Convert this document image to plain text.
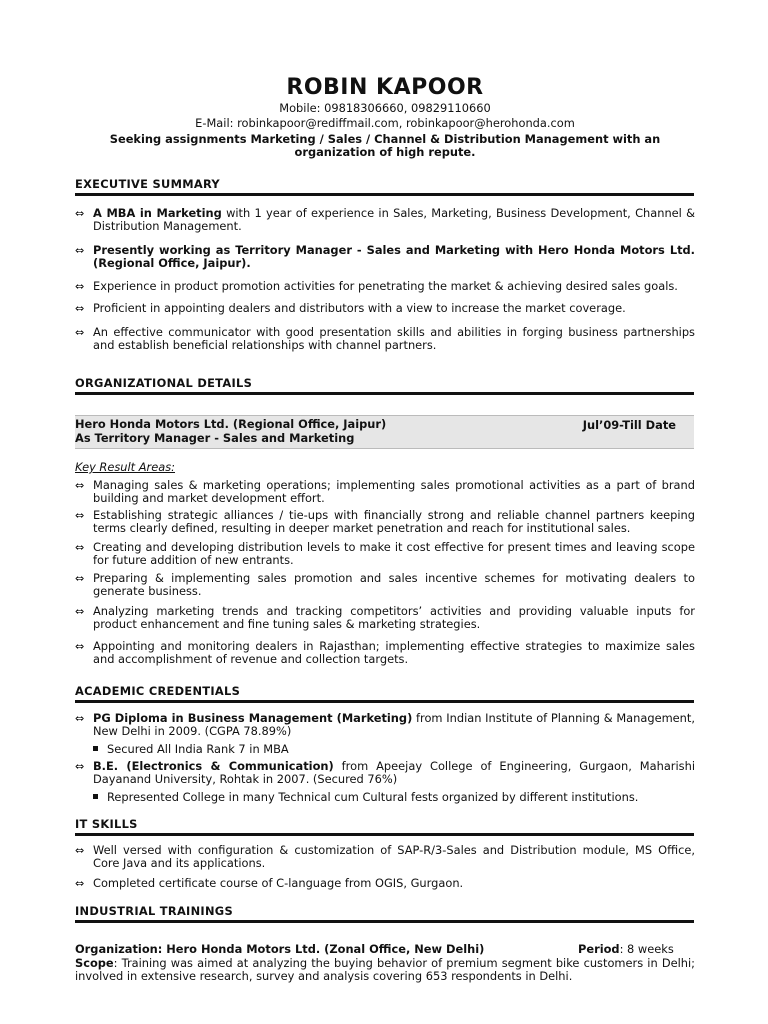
ROBIN KAPOOR
Mobile: 09818306660, 09829110660
E-Mail: robinkapoor@rediffmail.com, robinkapoor@herohonda.com
Seeking assignments Marketing / Sales / Channel & Distribution Management with an
organization of high repute.
EXECUTIVE SUMMARY
⇔ A MBA in Marketing with 1 year of experience in Sales, Marketing, Business Development, Channel & Distribution Management.
⇔ Presently working as Territory Manager - Sales and Marketing with Hero Honda Motors Ltd. (Regional Office, Jaipur).
⇔ Experience in product promotion activities for penetrating the market & achieving desired sales goals.
⇔ Proficient in appointing dealers and distributors with a view to increase the market coverage.
⇔ An effective communicator with good presentation skills and abilities in forging business partnerships and establish beneficial relationships with channel partners.
ORGANIZATIONAL DETAILS
Hero Honda Motors Ltd. (Regional Office, Jaipur)
As Territory Manager - Sales and Marketing
Jul’09-Till Date
Key Result Areas:
⇔ Managing sales & marketing operations; implementing sales promotional activities as a part of brand building and market development effort.
⇔ Establishing strategic alliances / tie-ups with financially strong and reliable channel partners keeping terms clearly defined, resulting in deeper market penetration and reach for institutional sales.
⇔ Creating and developing distribution levels to make it cost effective for present times and leaving scope for future addition of new entrants.
⇔ Preparing & implementing sales promotion and sales incentive schemes for motivating dealers to generate business.
⇔ Analyzing marketing trends and tracking competitors’ activities and providing valuable inputs for product enhancement and fine tuning sales & marketing strategies.
⇔ Appointing and monitoring dealers in Rajasthan; implementing effective strategies to maximize sales and accomplishment of revenue and collection targets.
ACADEMIC CREDENTIALS
⇔ PG Diploma in Business Management (Marketing) from Indian Institute of Planning & Management, New Delhi in 2009. (CGPA 78.89%)
Secured All India Rank 7 in MBA
⇔ B.E. (Electronics & Communication) from Apeejay College of Engineering, Gurgaon, Maharishi Dayanand University, Rohtak in 2007. (Secured 76%)
Represented College in many Technical cum Cultural fests organized by different institutions.
IT SKILLS
⇔ Well versed with configuration & customization of SAP-R/3-Sales and Distribution module, MS Office, Core Java and its applications.
⇔ Completed certificate course of C-language from OGIS, Gurgaon.
INDUSTRIAL TRAININGS
Organization: Hero Honda Motors Ltd. (Zonal Office, New Delhi)	Period: 8 weeks
Scope: Training was aimed at analyzing the buying behavior of premium segment bike customers in Delhi; involved in extensive research, survey and analysis covering 653 respondents in Delhi.
